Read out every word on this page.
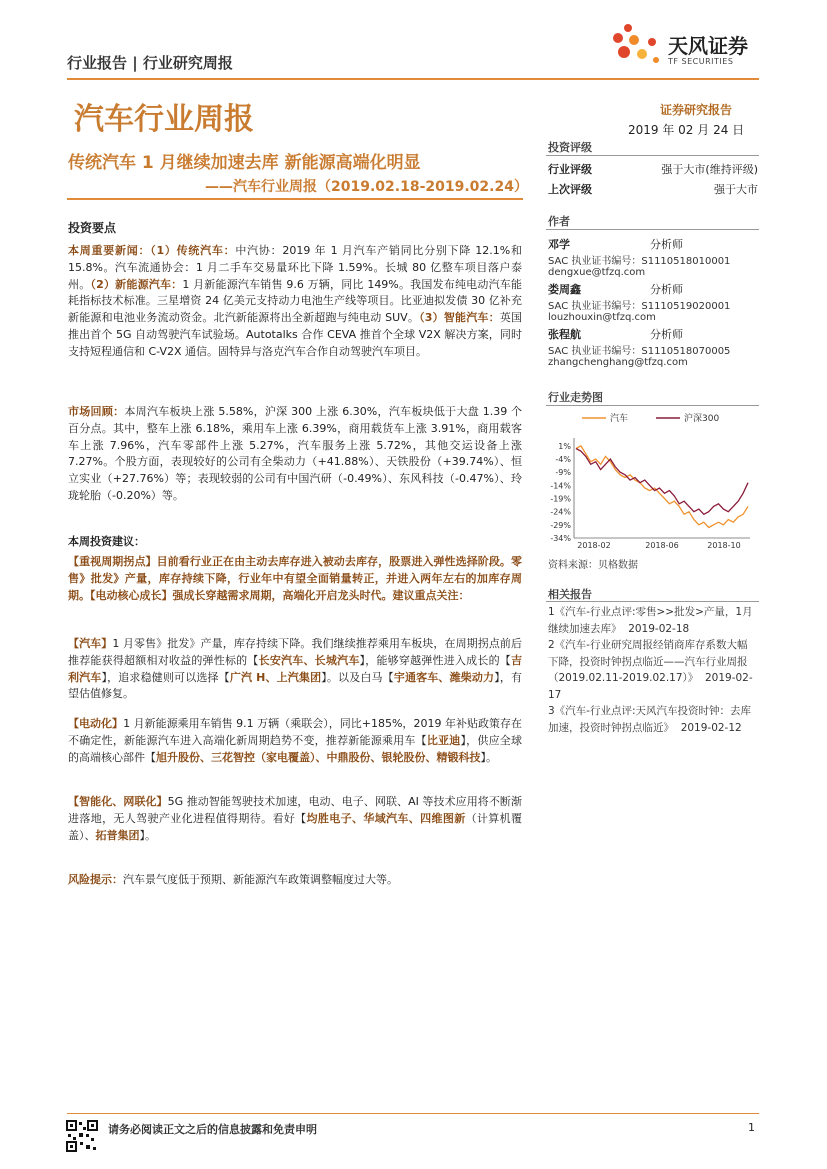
行业报告 | 行业研究周报
天风证券
TF SECURITIES
汽车行业周报	证券研究报告
2019 年 02 月 24 日
传统汽车 1 月继续加速去库 新能源高端化明显
——汽车行业周报（2019.02.18-2019.02.24）
投资评级
行业评级	强于大市(维持评级)
上次评级	强于大市
作者
邓学	分析师
SAC 执业证书编号：S1110518010001
dengxue@tfzq.com
娄周鑫	分析师
SAC 执业证书编号：S1110519020001
louzhouxin@tfzq.com
张程航	分析师
SAC 执业证书编号：S1110518070005
zhangchenghang@tfzq.com
行业走势图
汽车	沪深300
1%
-4%
-9%
-14%
-19%
-24%
-29%
-34%
2018-02	2018-06	2018-10
资料来源：贝格数据
相关报告
1《汽车-行业点评:零售>>批发>产量，1月继续加速去库》 2019-02-18
2《汽车-行业研究周报经销商库存系数大幅下降，投资时钟拐点临近——汽车行业周报（2019.02.11-2019.02.17）》 2019-02-17
3《汽车-行业点评:天风汽车投资时钟：去库加速，投资时钟拐点临近》 2019-02-12
投资要点
本周重要新闻：（1）传统汽车：中汽协：2019 年 1 月汽车产销同比分别下降 12.1%和 15.8%。汽车流通协会：1 月二手车交易量环比下降 1.59%。长城 80 亿整车项目落户泰州。（2）新能源汽车：1 月新能源汽车销售 9.6 万辆，同比 149%。我国发布纯电动汽车能耗指标技术标准。三星增资 24 亿美元支持动力电池生产线等项目。比亚迪拟发债 30 亿补充新能源和电池业务流动资金。北汽新能源将出全新超跑与纯电动 SUV。（3）智能汽车：英国推出首个 5G 自动驾驶汽车试验场。Autotalks 合作 CEVA 推首个全球 V2X 解决方案，同时支持短程通信和 C-V2X 通信。固特异与洛克汽车合作自动驾驶汽车项目。
市场回顾：本周汽车板块上涨 5.58%，沪深 300 上涨 6.30%，汽车板块低于大盘 1.39 个百分点。其中，整车上涨 6.18%，乘用车上涨 6.39%，商用载货车上涨 3.91%，商用载客车上涨 7.96%，汽车零部件上涨 5.27%，汽车服务上涨 5.72%，其他交运设备上涨 7.27%。个股方面，表现较好的公司有全柴动力（+41.88%）、天铁股份（+39.74%）、恒立实业（+27.76%）等；表现较弱的公司有中国汽研（-0.49%）、东风科技（-0.47%）、玲珑轮胎（-0.20%）等。
本周投资建议：
【重视周期拐点】目前看行业正在由主动去库存进入被动去库存，股票进入弹性选择阶段。零售》批发》产量，库存持续下降，行业年中有望全面销量转正，并进入两年左右的加库存周期。【电动核心成长】强成长穿越需求周期，高端化开启龙头时代。建议重点关注：
【汽车】1 月零售》批发》产量，库存持续下降。我们继续推荐乘用车板块，在周期拐点前后推荐能获得超额相对收益的弹性标的【长安汽车、长城汽车】，能够穿越弹性进入成长的【吉利汽车】，追求稳健则可以选择【广汽 H、上汽集团】。以及白马【宇通客车、潍柴动力】，有望估值修复。
【电动化】1 月新能源乘用车销售 9.1 万辆（乘联会），同比+185%，2019 年补贴政策存在不确定性，新能源汽车进入高端化新周期趋势不变，推荐新能源乘用车【比亚迪】，供应全球的高端核心部件【旭升股份、三花智控（家电覆盖）、中鼎股份、银轮股份、精锻科技】。
【智能化、网联化】5G 推动智能驾驶技术加速，电动、电子、网联、AI 等技术应用将不断渐进落地，无人驾驶产业化进程值得期待。看好【均胜电子、华域汽车、四维图新（计算机覆盖）、拓普集团】。
风险提示：汽车景气度低于预期、新能源汽车政策调整幅度过大等。
请务必阅读正文之后的信息披露和免责申明	1
